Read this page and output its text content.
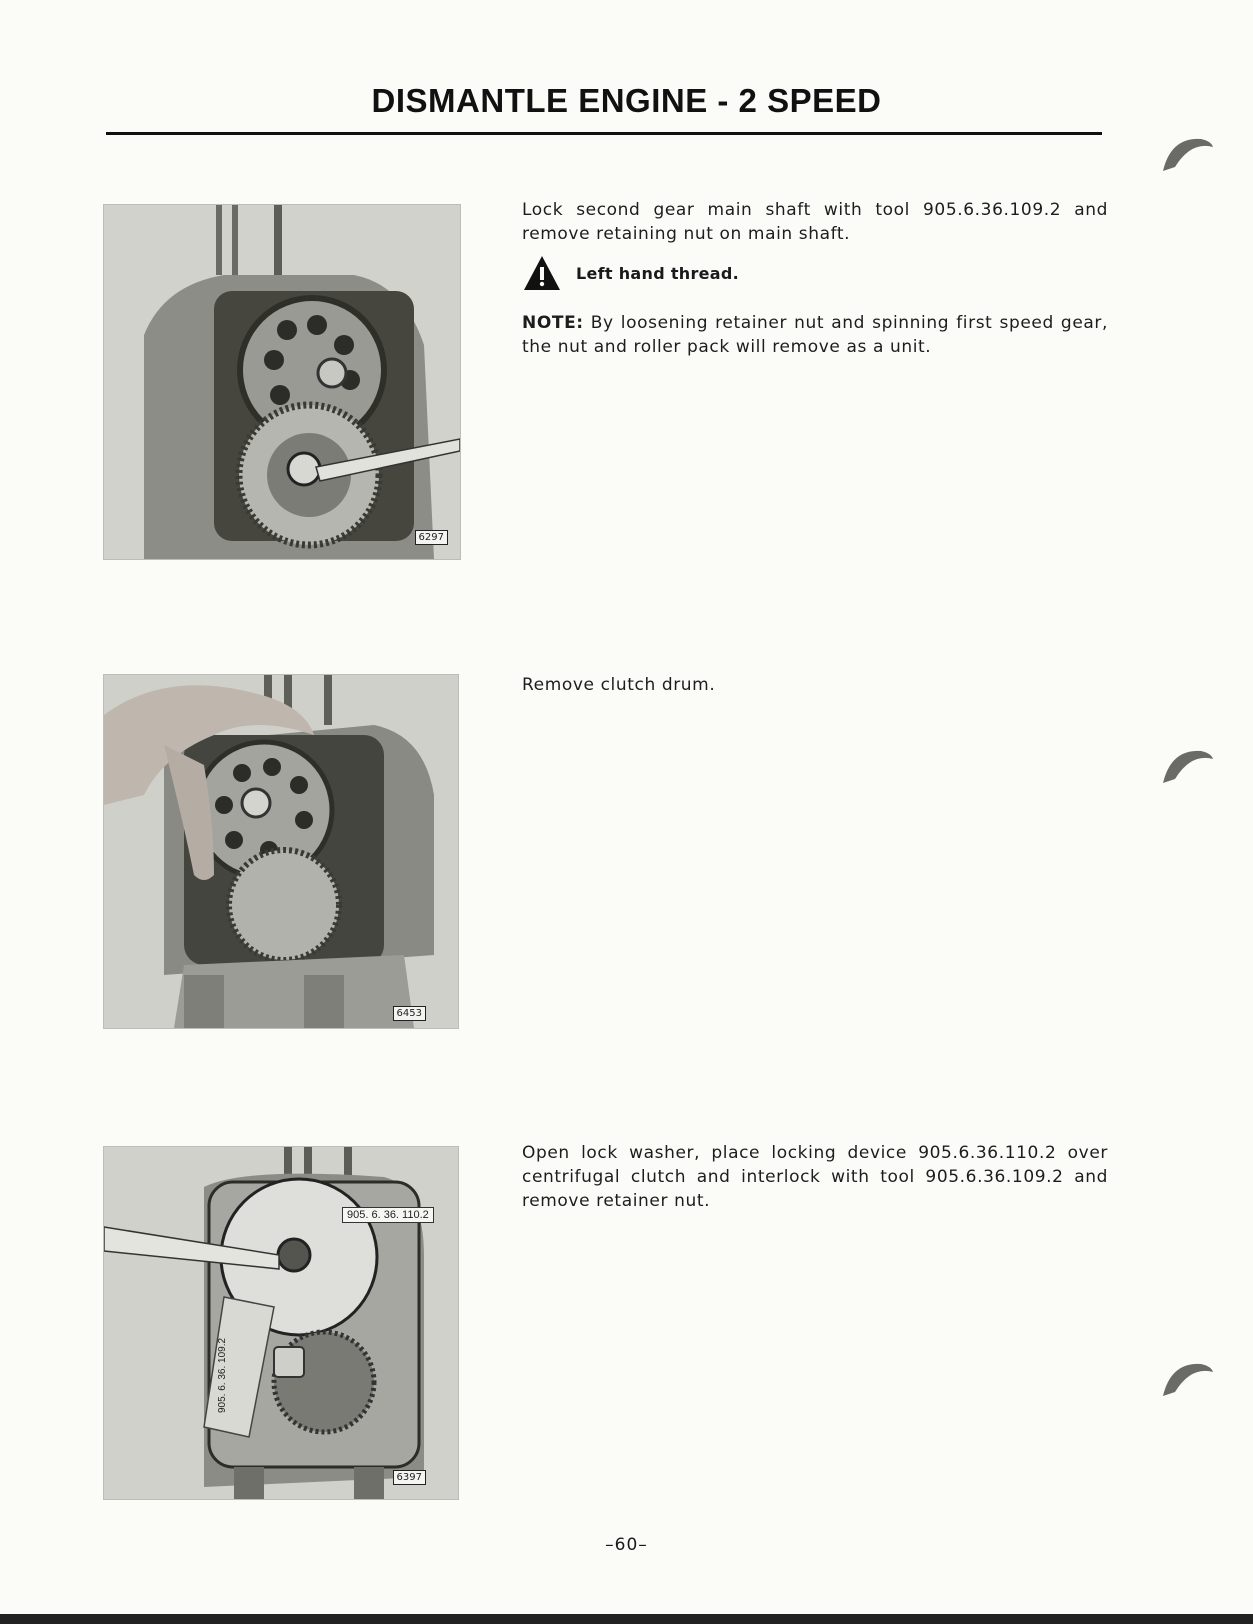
DISMANTLE ENGINE - 2 SPEED
6297
Lock second gear main shaft with tool 905.6.36.109.2 and remove retaining nut on main shaft.
Left hand thread.
NOTE: By loosening retainer nut and spinning first speed gear, the nut and roller pack will remove as a unit.
6453
Remove clutch drum.
905. 6. 36. 110.2
905. 6. 36. 109.2
6397
Open lock washer, place locking device 905.6.36.110.2 over centrifugal clutch and interlock with tool 905.6.36.109.2 and remove retainer nut.
–60–
